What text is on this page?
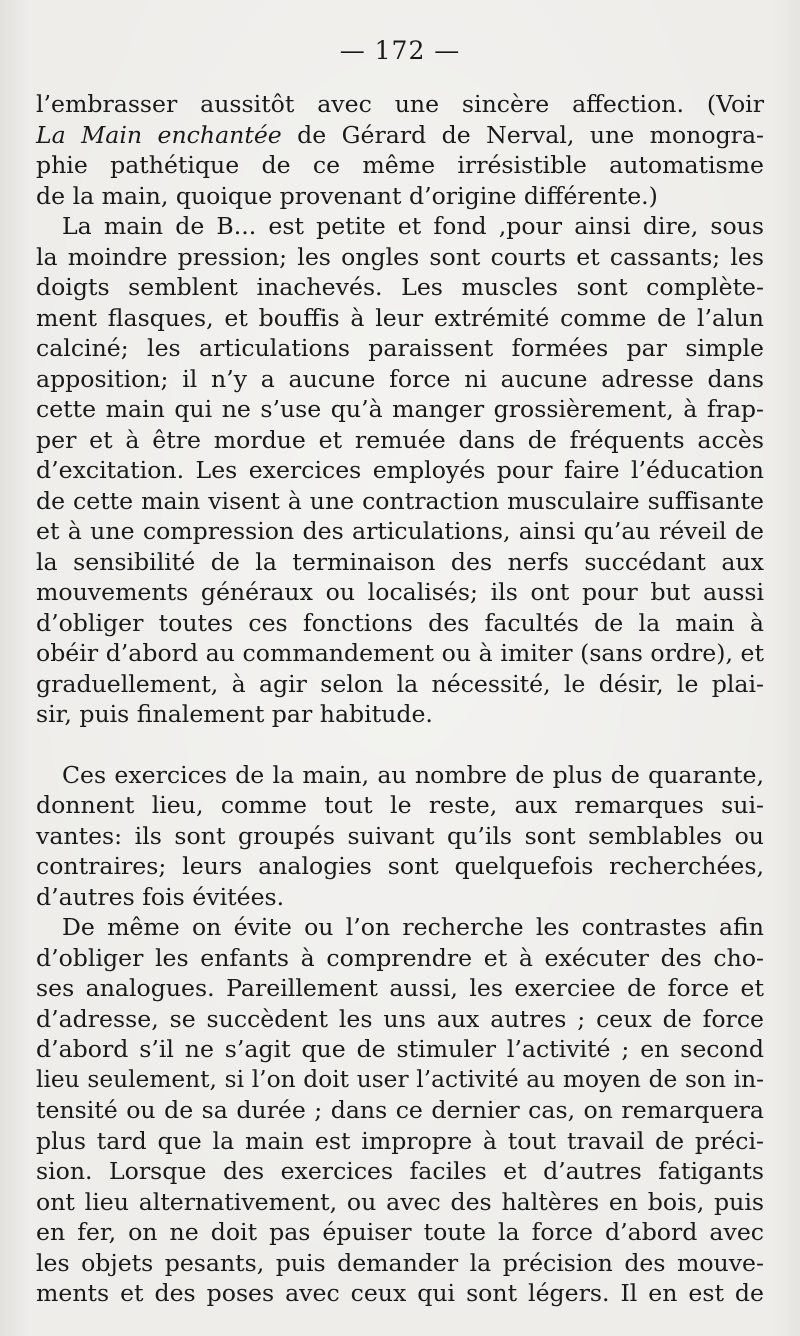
— 172 —

l’embrasser aussitôt avec une sincère affection. (Voir
La Main enchantée de Gérard de Nerval, une monogra-
phie pathétique de ce même irrésistible automatisme
de la main, quoique provenant d’origine différente.)

La main de B... est petite et fond ,pour ainsi dire, sous
la moindre pression; les ongles sont courts et cassants; les
doigts semblent inachevés. Les muscles sont complète-
ment flasques, et bouffis à leur extrémité comme de l’alun
calciné; les articulations paraissent formées par simple
apposition; il n’y a aucune force ni aucune adresse dans
cette main qui ne s’use qu’à manger grossièrement, à frap-
per et à être mordue et remuée dans de fréquents accès
d’excitation. Les exercices employés pour faire l’éducation
de cette main visent à une contraction musculaire suffisante
et à une compression des articulations, ainsi qu’au réveil de
la sensibilité de la terminaison des nerfs succédant aux
mouvements généraux ou localisés; ils ont pour but aussi
d’obliger toutes ces fonctions des facultés de la main à
obéir d’abord au commandement ou à imiter (sans ordre), et
graduellement, à agir selon la nécessité, le désir, le plai-
sir, puis finalement par habitude.

Ces exercices de la main, au nombre de plus de quarante,
donnent lieu, comme tout le reste, aux remarques sui-
vantes: ils sont groupés suivant qu’ils sont semblables ou
contraires; leurs analogies sont quelquefois recherchées,
d’autres fois évitées.

De même on évite ou l’on recherche les contrastes afin
d’obliger les enfants à comprendre et à exécuter des cho-
ses analogues. Pareillement aussi, les exerciee de force et
d’adresse, se succèdent les uns aux autres ; ceux de force
d’abord s’il ne s’agit que de stimuler l’activité ; en second
lieu seulement, si l’on doit user l’activité au moyen de son in-
tensité ou de sa durée ; dans ce dernier cas, on remarquera
plus tard que la main est impropre à tout travail de préci-
sion. Lorsque des exercices faciles et d’autres fatigants
ont lieu alternativement, ou avec des haltères en bois, puis
en fer, on ne doit pas épuiser toute la force d’abord avec
les objets pesants, puis demander la précision des mouve-
ments et des poses avec ceux qui sont légers. Il en est de
